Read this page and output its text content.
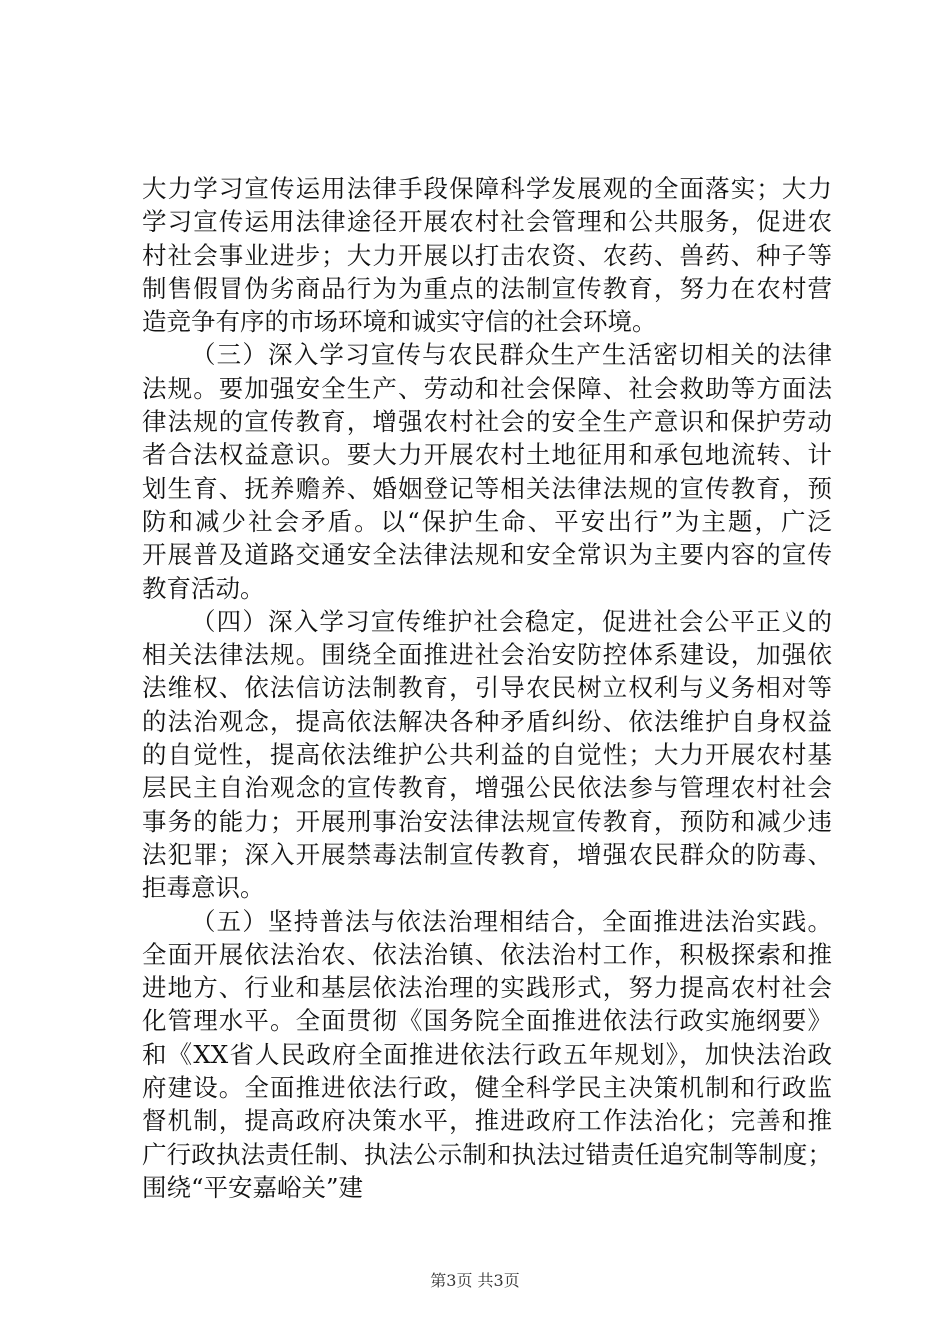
大力学习宣传运用法律手段保障科学发展观的全面落实；大力
学习宣传运用法律途径开展农村社会管理和公共服务，促进农
村社会事业进步；大力开展以打击农资、农药、兽药、种子等
制售假冒伪劣商品行为为重点的法制宣传教育，努力在农村营
造竞争有序的市场环境和诚实守信的社会环境。
（三）深入学习宣传与农民群众生产生活密切相关的法律
法规。要加强安全生产、劳动和社会保障、社会救助等方面法
律法规的宣传教育，增强农村社会的安全生产意识和保护劳动
者合法权益意识。要大力开展农村土地征用和承包地流转、计
划生育、抚养赡养、婚姻登记等相关法律法规的宣传教育，预
防和减少社会矛盾。以“保护生命、平安出行”为主题，广泛
开展普及道路交通安全法律法规和安全常识为主要内容的宣传
教育活动。
（四）深入学习宣传维护社会稳定，促进社会公平正义的
相关法律法规。围绕全面推进社会治安防控体系建设，加强依
法维权、依法信访法制教育，引导农民树立权利与义务相对等
的法治观念，提高依法解决各种矛盾纠纷、依法维护自身权益
的自觉性，提高依法维护公共利益的自觉性；大力开展农村基
层民主自治观念的宣传教育，增强公民依法参与管理农村社会
事务的能力；开展刑事治安法律法规宣传教育，预防和减少违
法犯罪；深入开展禁毒法制宣传教育，增强农民群众的防毒、
拒毒意识。
（五）坚持普法与依法治理相结合，全面推进法治实践。
全面开展依法治农、依法治镇、依法治村工作，积极探索和推
进地方、行业和基层依法治理的实践形式，努力提高农村社会
化管理水平。全面贯彻《国务院全面推进依法行政实施纲要》
和《XX省人民政府全面推进依法行政五年规划》，加快法治政
府建设。全面推进依法行政，健全科学民主决策机制和行政监
督机制，提高政府决策水平，推进政府工作法治化；完善和推
广行政执法责任制、执法公示制和执法过错责任追究制等制度；
围绕“平安嘉峪关”建
第3页 共3页
